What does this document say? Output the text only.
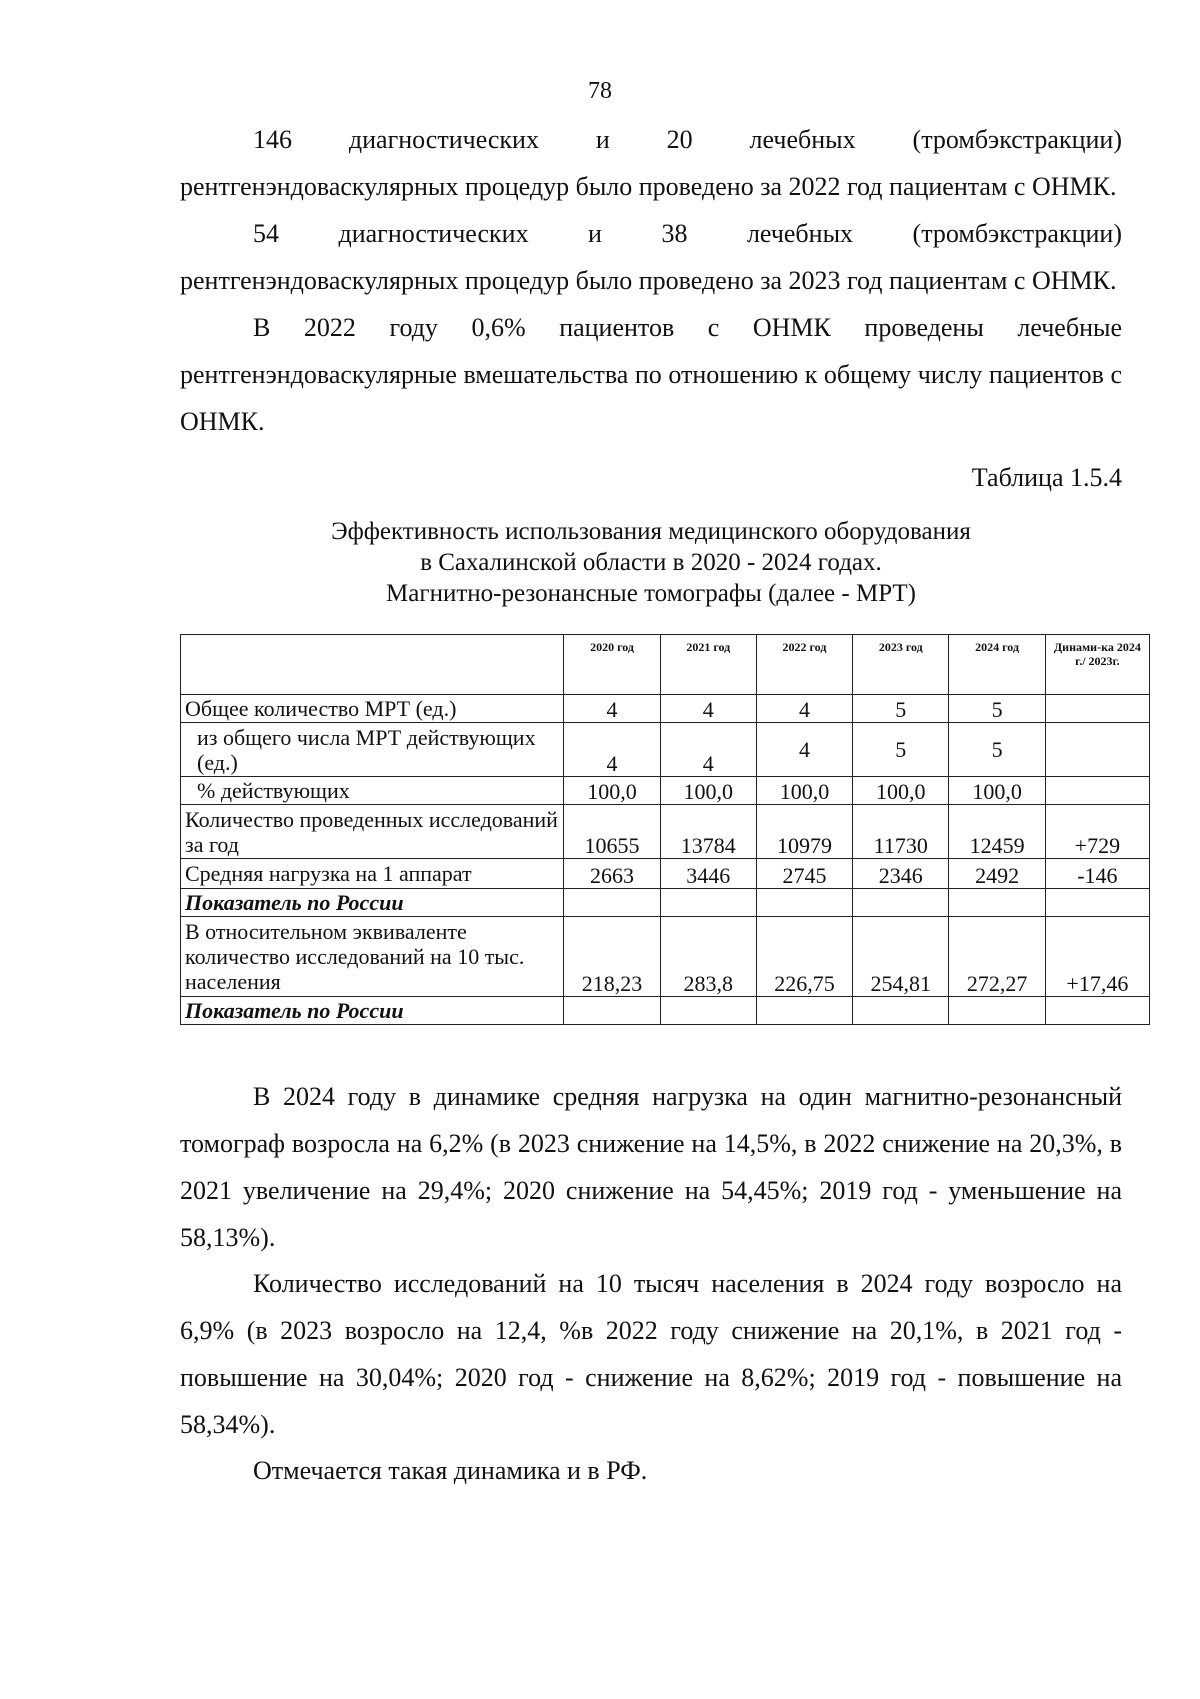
78

146 диагностических и 20 лечебных (тромбэкстракции) рентгенэндоваскулярных процедур было проведено за 2022 год пациентам с ОНМК.

54 диагностических и 38 лечебных (тромбэкстракции) рентгенэндоваскулярных процедур было проведено за 2023 год пациентам с ОНМК.

В 2022 году 0,6% пациентов с ОНМК проведены лечебные рентгенэндоваскулярные вмешательства по отношению к общему числу пациентов с ОНМК.

Таблица 1.5.4
Эффективность использования медицинского оборудования
в Сахалинской области в 2020 - 2024 годах.
Магнитно-резонансные томографы (далее - МРТ)
	2020 год	2021 год	2022 год	2023 год	2024 год	Динами-ка 2024 г./ 2023г.
Общее количество МРТ (ед.)	4	4	4	5	5	
из общего числа МРТ действующих (ед.)	4	4	4	5	5	
% действующих	100,0	100,0	100,0	100,0	100,0	
Количество проведенных исследований за год	10655	13784	10979	11730	12459	+729
Средняя нагрузка на 1 аппарат	2663	3446	2745	2346	2492	-146
Показатель по России						
В относительном эквиваленте количество исследований на 10 тыс. населения	218,23	283,8	226,75	254,81	272,27	+17,46
Показатель по России						

В 2024 году в динамике средняя нагрузка на один магнитно-резонансный томограф возросла на 6,2% (в 2023 снижение на 14,5%, в 2022 снижение на 20,3%, в 2021 увеличение на 29,4%; 2020 снижение на 54,45%; 2019 год - уменьшение на 58,13%).

Количество исследований на 10 тысяч населения в 2024 году возросло на 6,9% (в 2023 возросло на 12,4, %в 2022 году снижение на 20,1%, в 2021 год - повышение на 30,04%; 2020 год - снижение на 8,62%; 2019 год - повышение на 58,34%).

Отмечается такая динамика и в РФ.
